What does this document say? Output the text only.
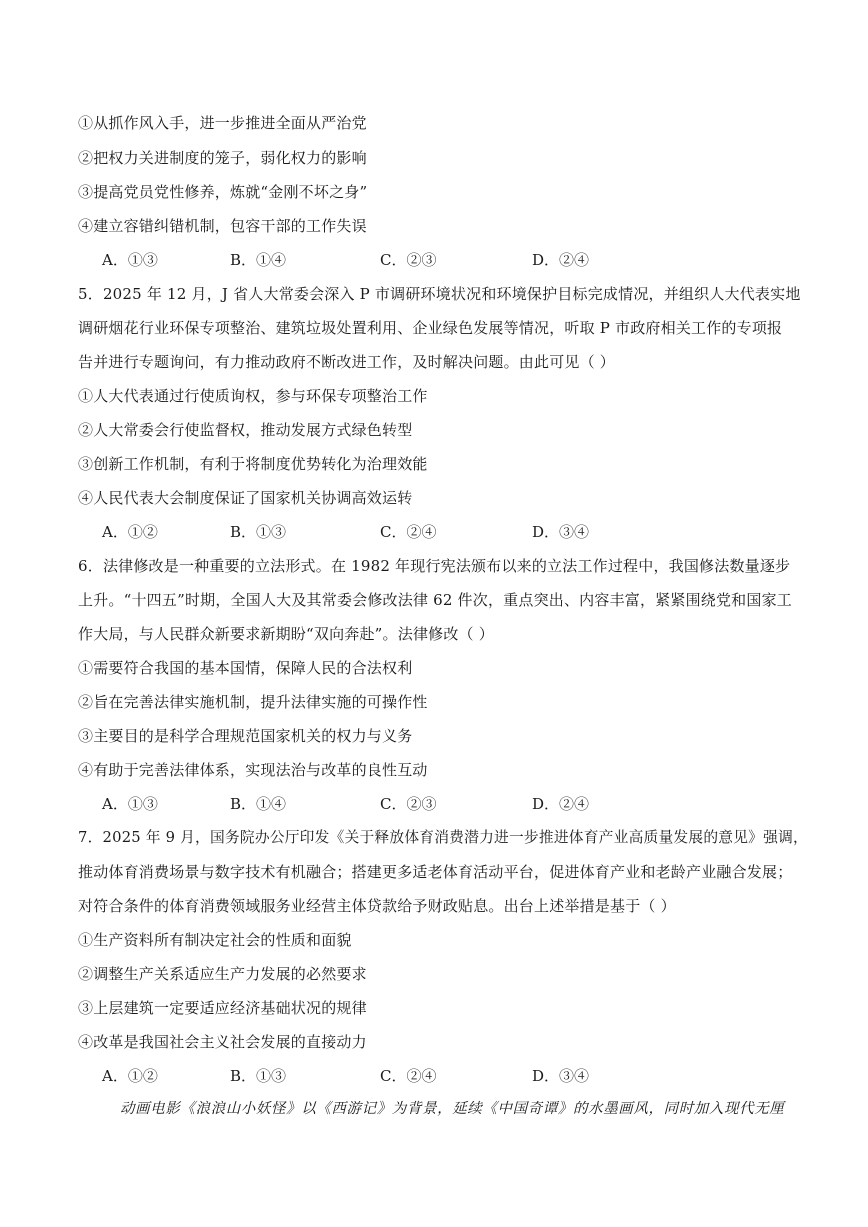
①从抓作风入手，进一步推进全面从严治党
②把权力关进制度的笼子，弱化权力的影响
③提高党员党性修养，炼就“金刚不坏之身”
④建立容错纠错机制，包容干部的工作失误
A．①③	B．①④	C．②③	D．②④
5．2025 年 12 月，J 省人大常委会深入 P 市调研环境状况和环境保护目标完成情况，并组织人大代表实地
调研烟花行业环保专项整治、建筑垃圾处置利用、企业绿色发展等情况，听取 P 市政府相关工作的专项报
告并进行专题询问，有力推动政府不断改进工作，及时解决问题。由此可见（ ）
①人大代表通过行使质询权，参与环保专项整治工作
②人大常委会行使监督权，推动发展方式绿色转型
③创新工作机制，有利于将制度优势转化为治理效能
④人民代表大会制度保证了国家机关协调高效运转
A．①②	B．①③	C．②④	D．③④
6．法律修改是一种重要的立法形式。在 1982 年现行宪法颁布以来的立法工作过程中，我国修法数量逐步
上升。“十四五”时期，全国人大及其常委会修改法律 62 件次，重点突出、内容丰富，紧紧围绕党和国家工
作大局，与人民群众新要求新期盼“双向奔赴”。法律修改（ ）
①需要符合我国的基本国情，保障人民的合法权利
②旨在完善法律实施机制，提升法律实施的可操作性
③主要目的是科学合理规范国家机关的权力与义务
④有助于完善法律体系，实现法治与改革的良性互动
A．①③	B．①④	C．②③	D．②④
7．2025 年 9 月，国务院办公厅印发《关于释放体育消费潜力进一步推进体育产业高质量发展的意见》强调，
推动体育消费场景与数字技术有机融合；搭建更多适老体育活动平台，促进体育产业和老龄产业融合发展；
对符合条件的体育消费领域服务业经营主体贷款给予财政贴息。出台上述举措是基于（ ）
①生产资料所有制决定社会的性质和面貌
②调整生产关系适应生产力发展的必然要求
③上层建筑一定要适应经济基础状况的规律
④改革是我国社会主义社会发展的直接动力
A．①②	B．①③	C．②④	D．③④
动画电影《浪浪山小妖怪》以《西游记》为背景，延续《中国奇谭》的水墨画风，同时加入现代无厘
